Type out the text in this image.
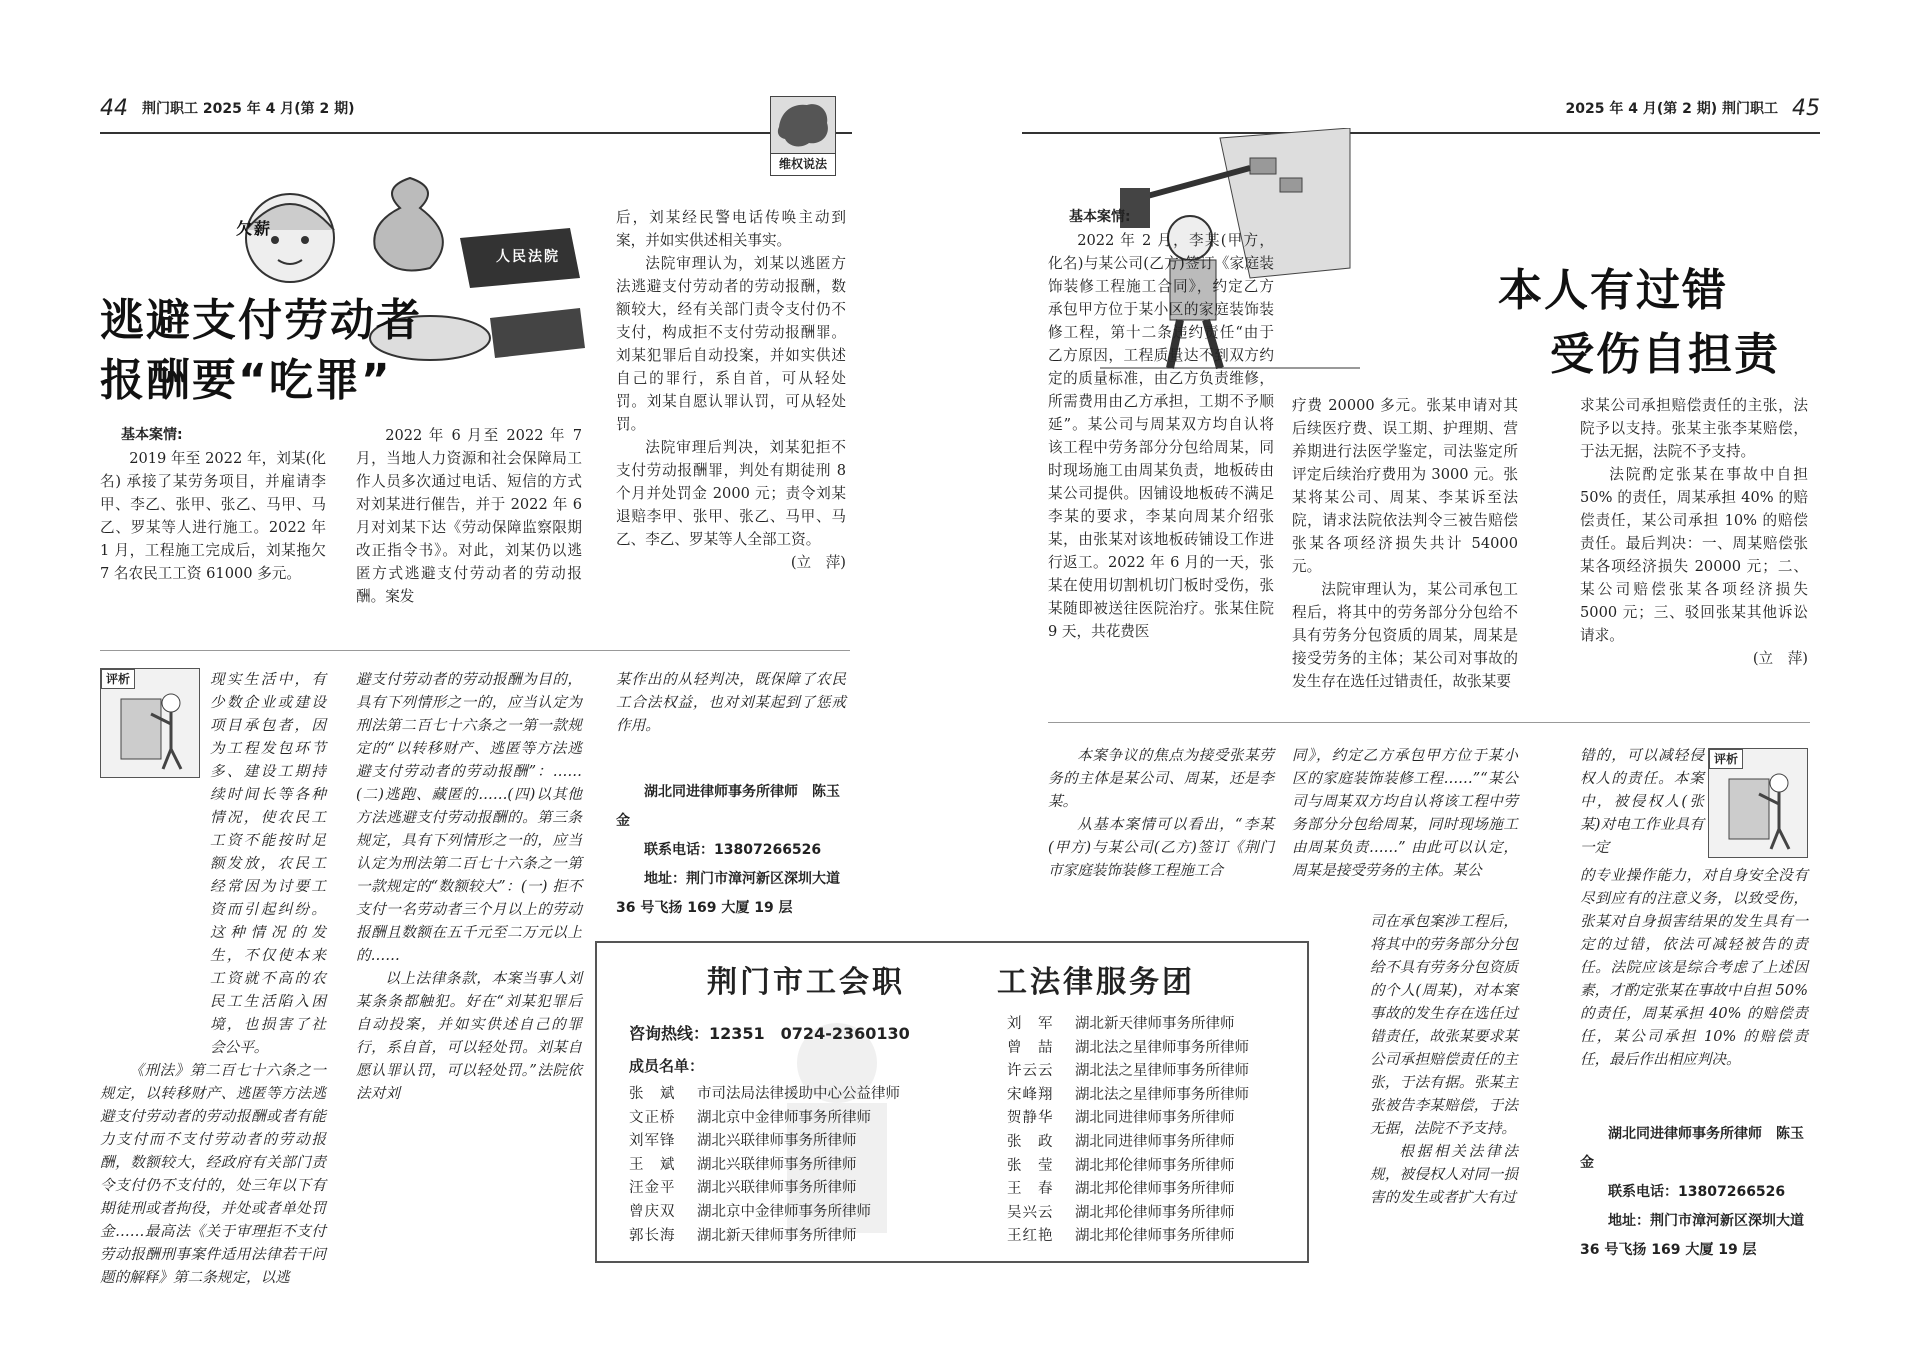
44 荆门职工 2025 年 4 月(第 2 期)
维权说法
欠薪
人民法院
逃避支付劳动者
报酬要“吃罪”
基本案情:

2019 年至 2022 年，刘某(化名) 承接了某劳务项目，并雇请李甲、李乙、张甲、张乙、马甲、马乙、罗某等人进行施工。2022 年 1 月，工程施工完成后，刘某拖欠 7 名农民工工资 61000 多元。

2022 年 6 月至 2022 年 7 月，当地人力资源和社会保障局工作人员多次通过电话、短信的方式对刘某进行催告，并于 2022 年 6 月对刘某下达《劳动保障监察限期改正指令书》。对此，刘某仍以逃匿方式逃避支付劳动者的劳动报酬。案发

后，刘某经民警电话传唤主动到案，并如实供述相关事实。

法院审理认为，刘某以逃匿方法逃避支付劳动者的劳动报酬，数额较大，经有关部门责令支付仍不支付，构成拒不支付劳动报酬罪。刘某犯罪后自动投案，并如实供述自己的罪行，系自首，可从轻处罚。刘某自愿认罪认罚，可从轻处罚。

法院审理后判决，刘某犯拒不支付劳动报酬罪，判处有期徒刑 8 个月并处罚金 2000 元；责令刘某退赔李甲、张甲、张乙、马甲、马乙、李乙、罗某等人全部工资。

(立　萍)

评析	现实生活中，有少数企业或建设项目承包者，因为工程发包环节多、建设工期持续时间长等各种情况，使农民工工资不能按时足额发放，农民工经常因为讨要工资而引起纠纷。这种情况的发生，不仅使本来工资就不高的农民工生活陷入困境，也损害了社会公平。

《刑法》第二百七十六条之一规定，以转移财产、逃匿等方法逃避支付劳动者的劳动报酬或者有能力支付而不支付劳动者的劳动报酬，数额较大，经政府有关部门责令支付仍不支付的，处三年以下有期徒刑或者拘役，并处或者单处罚金……最高法《关于审理拒不支付劳动报酬刑事案件适用法律若干问题的解释》第二条规定，以逃

避支付劳动者的劳动报酬为目的，具有下列情形之一的，应当认定为刑法第二百七十六条之一第一款规定的“以转移财产、逃匿等方法逃避支付劳动者的劳动报酬”：……(二)逃跑、藏匿的……(四)以其他方法逃避支付劳动报酬的。第三条规定，具有下列情形之一的，应当认定为刑法第二百七十六条之一第一款规定的“数额较大”：(一) 拒不支付一名劳动者三个月以上的劳动报酬且数额在五千元至二万元以上的……

以上法律条款，本案当事人刘某条条都触犯。好在“刘某犯罪后自动投案，并如实供述自己的罪行，系自首，可以轻处罚。刘某自愿认罪认罚，可以轻处罚。”法院依法对刘

某作出的从轻判决，既保障了农民工合法权益，也对刘某起到了惩戒作用。

湖北同进律师事务所律师　陈玉金
联系电话：13807266526
地址：荆门市漳河新区深圳大道 36 号飞扬 169 大厦 19 层
2025 年 4 月(第 2 期) 荆门职工 45
本人有过错
受伤自担责
基本案情:

2022 年 2 月，李某(甲方，化名)与某公司(乙方)签订《家庭装饰装修工程施工合同》，约定乙方承包甲方位于某小区的家庭装饰装修工程，第十二条违约责任“由于乙方原因，工程质量达不到双方约定的质量标准，由乙方负责维修，所需费用由乙方承担，工期不予顺延”。某公司与周某双方均自认将该工程中劳务部分分包给周某，同时现场施工由周某负责，地板砖由某公司提供。因铺设地板砖不满足李某的要求，李某向周某介绍张某，由张某对该地板砖铺设工作进行返工。2022 年 6 月的一天，张某在使用切割机切门板时受伤，张某随即被送往医院治疗。张某住院 9 天，共花费医

疗费 20000 多元。张某申请对其后续医疗费、误工期、护理期、营养期进行法医学鉴定，司法鉴定所评定后续治疗费用为 3000 元。张某将某公司、周某、李某诉至法院，请求法院依法判令三被告赔偿张某各项经济损失共计 54000 元。

法院审理认为，某公司承包工程后，将其中的劳务部分分包给不具有劳务分包资质的周某，周某是接受劳务的主体；某公司对事故的发生存在选任过错责任，故张某要

求某公司承担赔偿责任的主张，法院予以支持。张某主张李某赔偿，于法无据，法院不予支持。

法院酌定张某在事故中自担 50% 的责任，周某承担 40% 的赔偿责任，某公司承担 10% 的赔偿责任。最后判决：一、周某赔偿张某各项经济损失 20000 元；二、某公司赔偿张某各项经济损失 5000 元；三、驳回张某其他诉讼请求。

(立　萍)

本案争议的焦点为接受张某劳务的主体是某公司、周某，还是李某。

从基本案情可以看出，“李某(甲方)与某公司(乙方)签订《荆门市家庭装饰装修工程施工合

同》，约定乙方承包甲方位于某小区的家庭装饰装修工程……”“某公司与周某双方均自认将该工程中劳务部分分包给周某，同时现场施工由周某负责……” 由此可以认定，周某是接受劳务的主体。某公

司在承包案涉工程后，将其中的劳务部分分包给不具有劳务分包资质的个人(周某)，对本案事故的发生存在选任过错责任，故张某要求某公司承担赔偿责任的主张，于法有据。张某主张被告李某赔偿，于法无据，法院不予支持。

根据相关法律法规，被侵权人对同一损害的发生或者扩大有过

错的，可以减轻侵权人的责任。本案中，被侵权人(张某)对电工作业具有一定

评析

的专业操作能力，对自身安全没有尽到应有的注意义务，以致受伤，张某对自身损害结果的发生具有一定的过错，依法可减轻被告的责任。法院应该是综合考虑了上述因素，才酌定张某在事故中自担 50% 的责任，周某承担 40% 的赔偿责任，某公司承担 10% 的赔偿责任，最后作出相应判决。

湖北同进律师事务所律师　陈玉金
联系电话：13807266526
地址：荆门市漳河新区深圳大道 36 号飞扬 169 大厦 19 层
荆门市工会职	工法律服务团
咨询热线：12351　0724-2360130
成员名单：
张　斌	市司法局法律援助中心公益律师
文正桥	湖北京中金律师事务所律师
刘军锋	湖北兴联律师事务所律师
王　斌	湖北兴联律师事务所律师
汪金平	湖北兴联律师事务所律师
曾庆双	湖北京中金律师事务所律师
郭长海	湖北新天律师事务所律师
刘　军	湖北新天律师事务所律师
曾　喆	湖北法之星律师事务所律师
许云云	湖北法之星律师事务所律师
宋峰翔	湖北法之星律师事务所律师
贺静华	湖北同进律师事务所律师
张　政	湖北同进律师事务所律师
张　莹	湖北邦伦律师事务所律师
王　春	湖北邦伦律师事务所律师
吴兴云	湖北邦伦律师事务所律师
王红艳	湖北邦伦律师事务所律师
